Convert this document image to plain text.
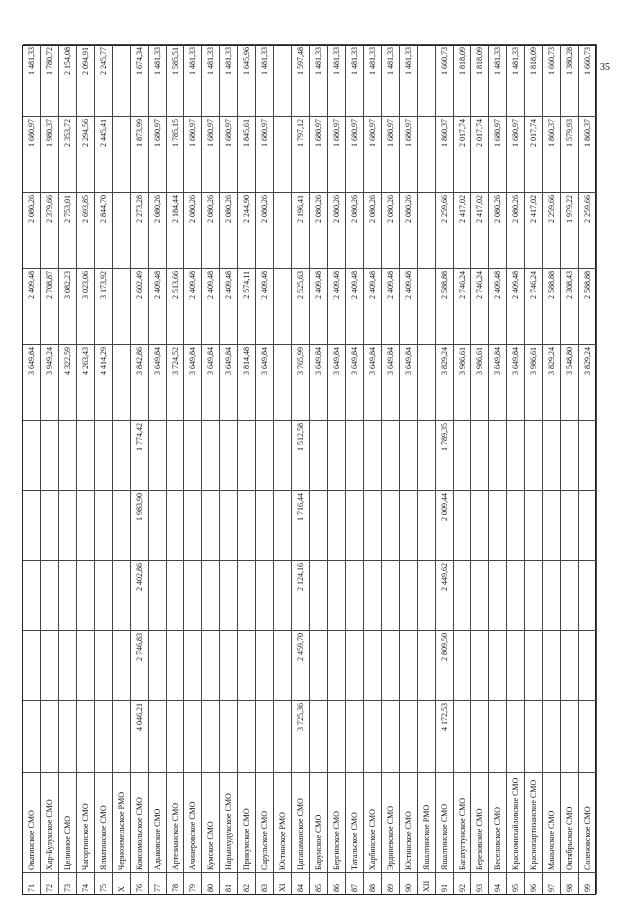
35
71
Оватинское СМО
3 649,84
2 409,48
2 080,26
1 680,97
1 481,33
72
Хар-Булукское СМО
3 949,24
2 708,87
2 379,66
1 980,37
1 780,72
73
Целинное СМО
4 322,59
3 082,23
2 753,01
2 353,72
2 154,08
74
Чагортинское СМО
4 263,43
3 023,06
2 693,85
2 294,56
2 094,91
75
Ялматинское СМО
4 414,29
3 173,92
2 844,70
2 445,41
2 245,77
X
Черноземельское РМО
76
Комсомольское СМО
4 046,21
2 746,83
2 402,86
1 983,90
1 774,42
3 842,86
2 602,49
2 273,28
1 873,99
1 674,34
77
Адыковское СМО
3 649,84
2 409,48
2 080,26
1 680,97
1 481,33
78
Артезианское СМО
3 724,52
2 513,66
2 184,44
1 785,15
1 585,51
79
Ачинеровское СМО
3 649,84
2 409,48
2 080,26
1 680,97
1 481,33
80
Кумское СМО
3 649,84
2 409,48
2 080,26
1 680,97
1 481,33
81
Нарынхудукское СМО
3 649,84
2 409,48
2 080,26
1 680,97
1 481,33
82
Прикумское СМО
3 814,48
2 574,11
2 244,90
1 845,61
1 645,96
83
Сарульское СМО
3 649,84
2 409,48
2 080,26
1 680,97
1 481,33
XI
Юстинское РМО
84
Цаганаманское СМО
3 725,36
2 459,70
2 124,16
1 716,44
1 512,58
3 765,99
2 525,63
2 196,41
1 797,12
1 597,48
85
Барунское СМО
3 649,84
2 409,48
2 080,26
1 680,97
1 481,33
86
Бергинское СМО
3 649,84
2 409,48
2 080,26
1 680,97
1 481,33
87
Татальское СМО
3 649,84
2 409,48
2 080,26
1 680,97
1 481,33
88
Харбинское СМО
3 649,84
2 409,48
2 080,26
1 680,97
1 481,33
89
Эрдниевское СМО
3 649,84
2 409,48
2 080,26
1 680,97
1 481,33
90
Юстинское СМО
3 649,84
2 409,48
2 080,26
1 680,97
1 481,33
XII
Яшалтинское РМО
91
Яшалтинское СМО
4 172,53
2 809,50
2 449,62
2 009,44
1 789,35
3 829,24
2 588,88
2 259,66
1 860,37
1 660,73
92
Багатугтунское СМО
3 986,61
2 746,24
2 417,02
2 017,74
1 818,09
93
Березовское СМО
3 986,61
2 746,24
2 417,02
2 017,74
1 818,09
94
Веселовское СМО
3 649,84
2 409,48
2 080,26
1 680,97
1 481,33
95
Красномихайловское СМО
3 649,84
2 409,48
2 080,26
1 680,97
1 481,33
96
Краснопартизанское СМО
3 986,61
2 746,24
2 417,02
2 017,74
1 818,09
97
Манычское СМО
3 829,24
2 588,88
2 259,66
1 860,37
1 660,73
98
Октябрьское СМО
3 548,80
2 308,43
1 979,22
1 579,93
1 380,28
99
Соленовское СМО
3 829,24
2 588,88
2 259,66
1 860,37
1 660,73
